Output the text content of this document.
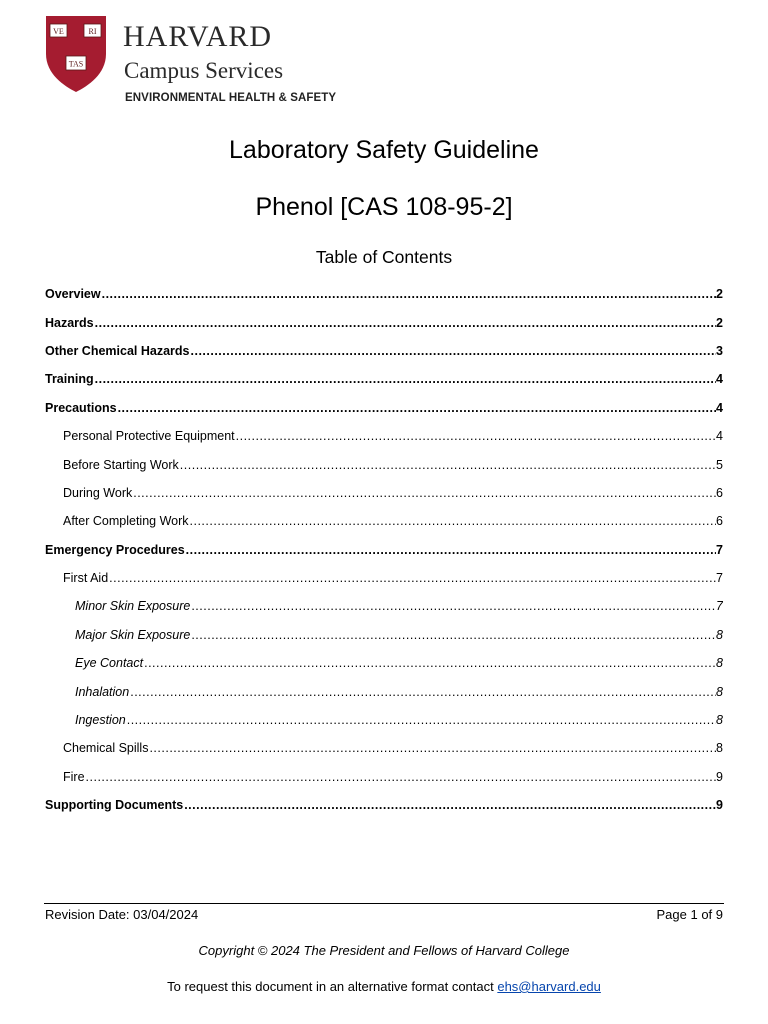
VE	RI
TAS
HARVARD
Campus Services
ENVIRONMENTAL HEALTH & SAFETY
Laboratory Safety Guideline
Phenol [CAS 108-95-2]
Table of Contents
Overview .....	2
Hazards .....	2
Other Chemical Hazards .....	3
Training .....	4
Precautions .....	4
Personal Protective Equipment .....	4
Before Starting Work .....	5
During Work .....	6
After Completing Work .....	6
Emergency Procedures .....	7
First Aid .....	7
Minor Skin Exposure .....	7
Major Skin Exposure .....	8
Eye Contact .....	8
Inhalation .....	8
Ingestion .....	8
Chemical Spills .....	8
Fire .....	9
Supporting Documents .....	9
Revision Date: 03/04/2024	Page 1 of 9
Copyright © 2024 The President and Fellows of Harvard College
To request this document in an alternative format contact ehs@harvard.edu
